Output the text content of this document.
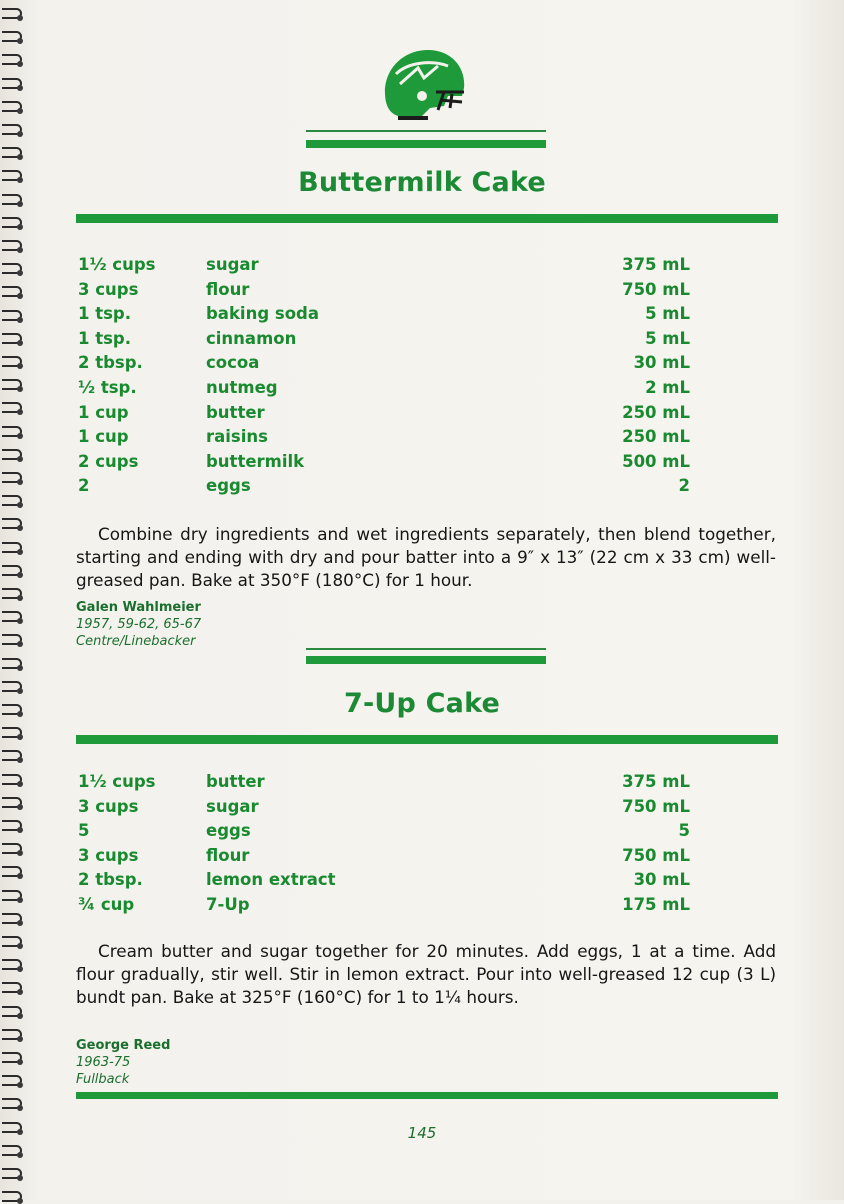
Buttermilk Cake
1½ cups	sugar	375 mL
3 cups	flour	750 mL
1 tsp.	baking soda	5 mL
1 tsp.	cinnamon	5 mL
2 tbsp.	cocoa	30 mL
½ tsp.	nutmeg	2 mL
1 cup	butter	250 mL
1 cup	raisins	250 mL
2 cups	buttermilk	500 mL
2	eggs	2

Combine dry ingredients and wet ingredients separately, then blend together, starting and ending with dry and pour batter into a 9″ x 13″ (22 cm x 33 cm) well-greased pan. Bake at 350°F (180°C) for 1 hour.

Galen Wahlmeier
1957, 59-62, 65-67
Centre/Linebacker
7-Up Cake
1½ cups	butter	375 mL
3 cups	sugar	750 mL
5	eggs	5
3 cups	flour	750 mL
2 tbsp.	lemon extract	30 mL
¾ cup	7-Up	175 mL

Cream butter and sugar together for 20 minutes. Add eggs, 1 at a time. Add flour gradually, stir well. Stir in lemon extract. Pour into well-greased 12 cup (3 L) bundt pan. Bake at 325°F (160°C) for 1 to 1¼ hours.

George Reed
1963-75
Fullback
145
